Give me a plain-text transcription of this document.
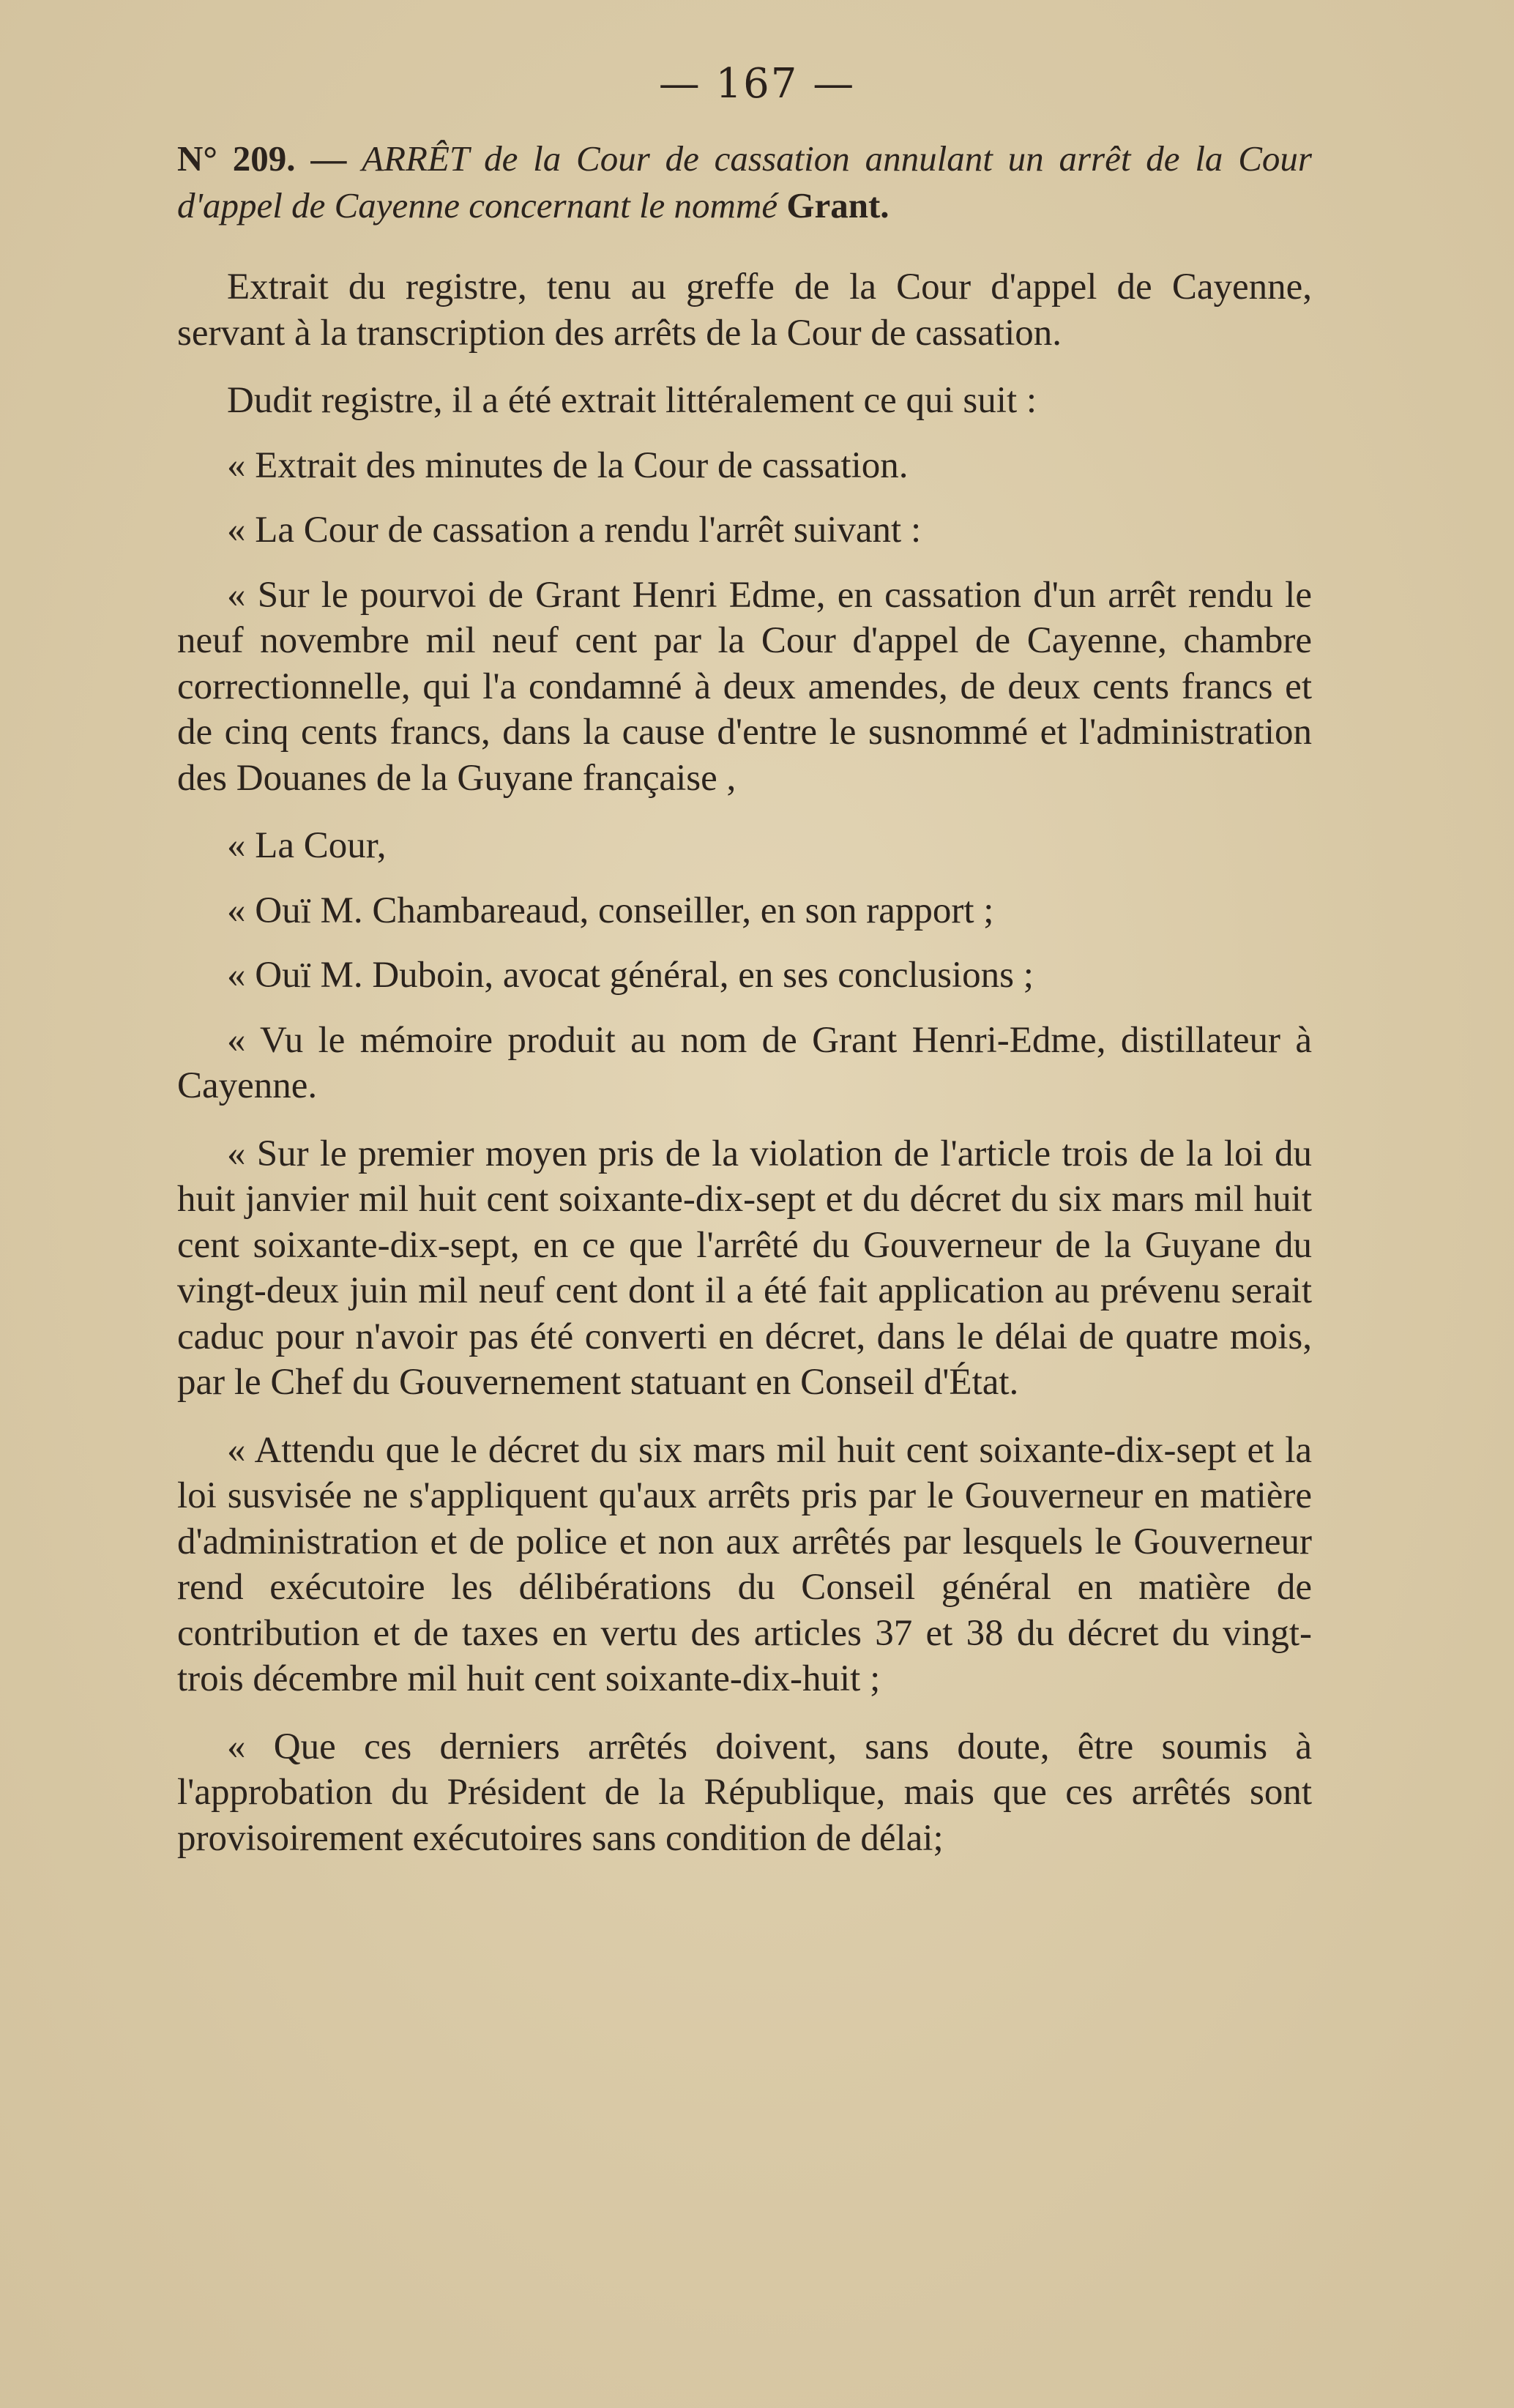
— 167 —

N° 209. — ARRÊT de la Cour de cassation annulant un arrêt de la Cour d'appel de Cayenne concernant le nommé Grant.

Extrait du registre, tenu au greffe de la Cour d'appel de Cayenne, servant à la transcription des arrêts de la Cour de cassation.

Dudit registre, il a été extrait littéralement ce qui suit :

« Extrait des minutes de la Cour de cassation.

« La Cour de cassation a rendu l'arrêt suivant :

« Sur le pourvoi de Grant Henri Edme, en cassation d'un arrêt rendu le neuf novembre mil neuf cent par la Cour d'appel de Cayenne, chambre correctionnelle, qui l'a condamné à deux amendes, de deux cents francs et de cinq cents francs, dans la cause d'entre le susnommé et l'administration des Douanes de la Guyane française ,

« La Cour,

« Ouï M. Chambareaud, conseiller, en son rapport ;

« Ouï M. Duboin, avocat général, en ses conclusions ;

« Vu le mémoire produit au nom de Grant Henri-Edme, distillateur à Cayenne.

« Sur le premier moyen pris de la violation de l'article trois de la loi du huit janvier mil huit cent soixante-dix-sept et du décret du six mars mil huit cent soixante-dix-sept, en ce que l'arrêté du Gouverneur de la Guyane du vingt-deux juin mil neuf cent dont il a été fait application au prévenu serait caduc pour n'avoir pas été converti en décret, dans le délai de quatre mois, par le Chef du Gouvernement statuant en Conseil d'État.

« Attendu que le décret du six mars mil huit cent soixante-dix-sept et la loi susvisée ne s'appliquent qu'aux arrêts pris par le Gouverneur en matière d'administration et de police et non aux arrêtés par lesquels le Gouverneur rend exécutoire les délibérations du Conseil général en matière de contribution et de taxes en vertu des articles 37 et 38 du décret du vingt-trois décembre mil huit cent soixante-dix-huit ;

« Que ces derniers arrêtés doivent, sans doute, être soumis à l'approbation du Président de la République, mais que ces arrêtés sont provisoirement exécutoires sans condition de délai;
